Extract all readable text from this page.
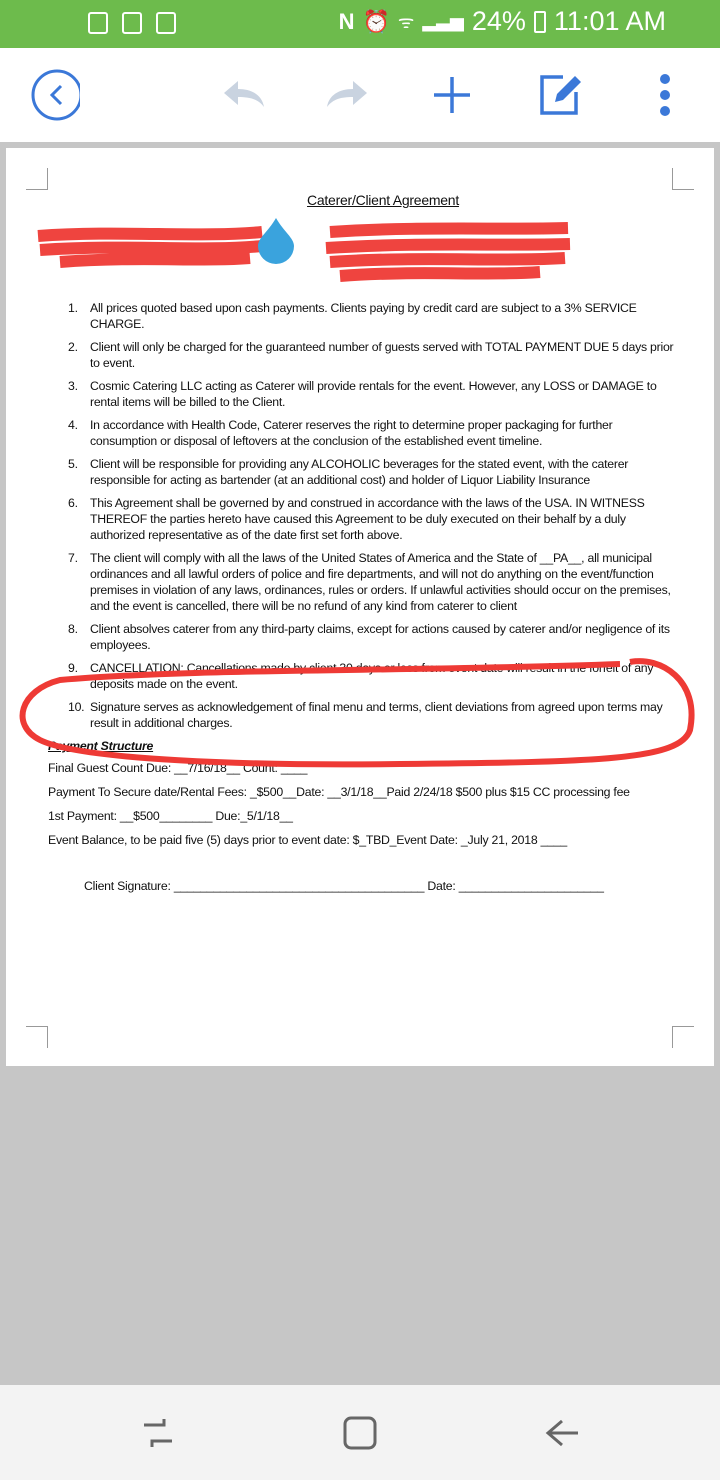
N ⏰ ᯤ ▂▃▅ 24% 11:01 AM
Caterer/Client Agreement
1. All prices quoted based upon cash payments. Clients paying by credit card are subject to a 3% SERVICE CHARGE.
2. Client will only be charged for the guaranteed number of guests served with TOTAL PAYMENT DUE 5 days prior to event.
3. Cosmic Catering LLC acting as Caterer will provide rentals for the event. However, any LOSS or DAMAGE to rental items will be billed to the Client.
4. In accordance with Health Code, Caterer reserves the right to determine proper packaging for further consumption or disposal of leftovers at the conclusion of the established event timeline.
5. Client will be responsible for providing any ALCOHOLIC beverages for the stated event, with the caterer responsible for acting as bartender (at an additional cost) and holder of Liquor Liability Insurance
6. This Agreement shall be governed by and construed in accordance with the laws of the USA. IN WITNESS THEREOF the parties hereto have caused this Agreement to be duly executed on their behalf by a duly authorized representative as of the date first set forth above.
7. The client will comply with all the laws of the United States of America and the State of __PA__, all municipal ordinances and all lawful orders of police and fire departments, and will not do anything on the event/function premises in violation of any laws, ordinances, rules or orders. If unlawful activities should occur on the premises, and the event is cancelled, there will be no refund of any kind from caterer to client
8. Client absolves caterer from any third-party claims, except for actions caused by caterer and/or negligence of its employees.
9. CANCELLATION: Cancellations made by client 30 days or less from event date will result in the forfeit of any deposits made on the event.
10. Signature serves as acknowledgement of final menu and terms, client deviations from agreed upon terms may result in additional charges.
Payment Structure
Final Guest Count Due: __7/16/18__ Count: ____
Payment To Secure date/Rental Fees: _$500__Date: __3/1/18__Paid 2/24/18 $500 plus $15 CC processing fee
1st Payment: __$500________ Due:_5/1/18__
Event Balance, to be paid five (5) days prior to event date: $_TBD_Event Date: _July 21, 2018 ____
Client Signature: ______________________________________ Date: ______________________
